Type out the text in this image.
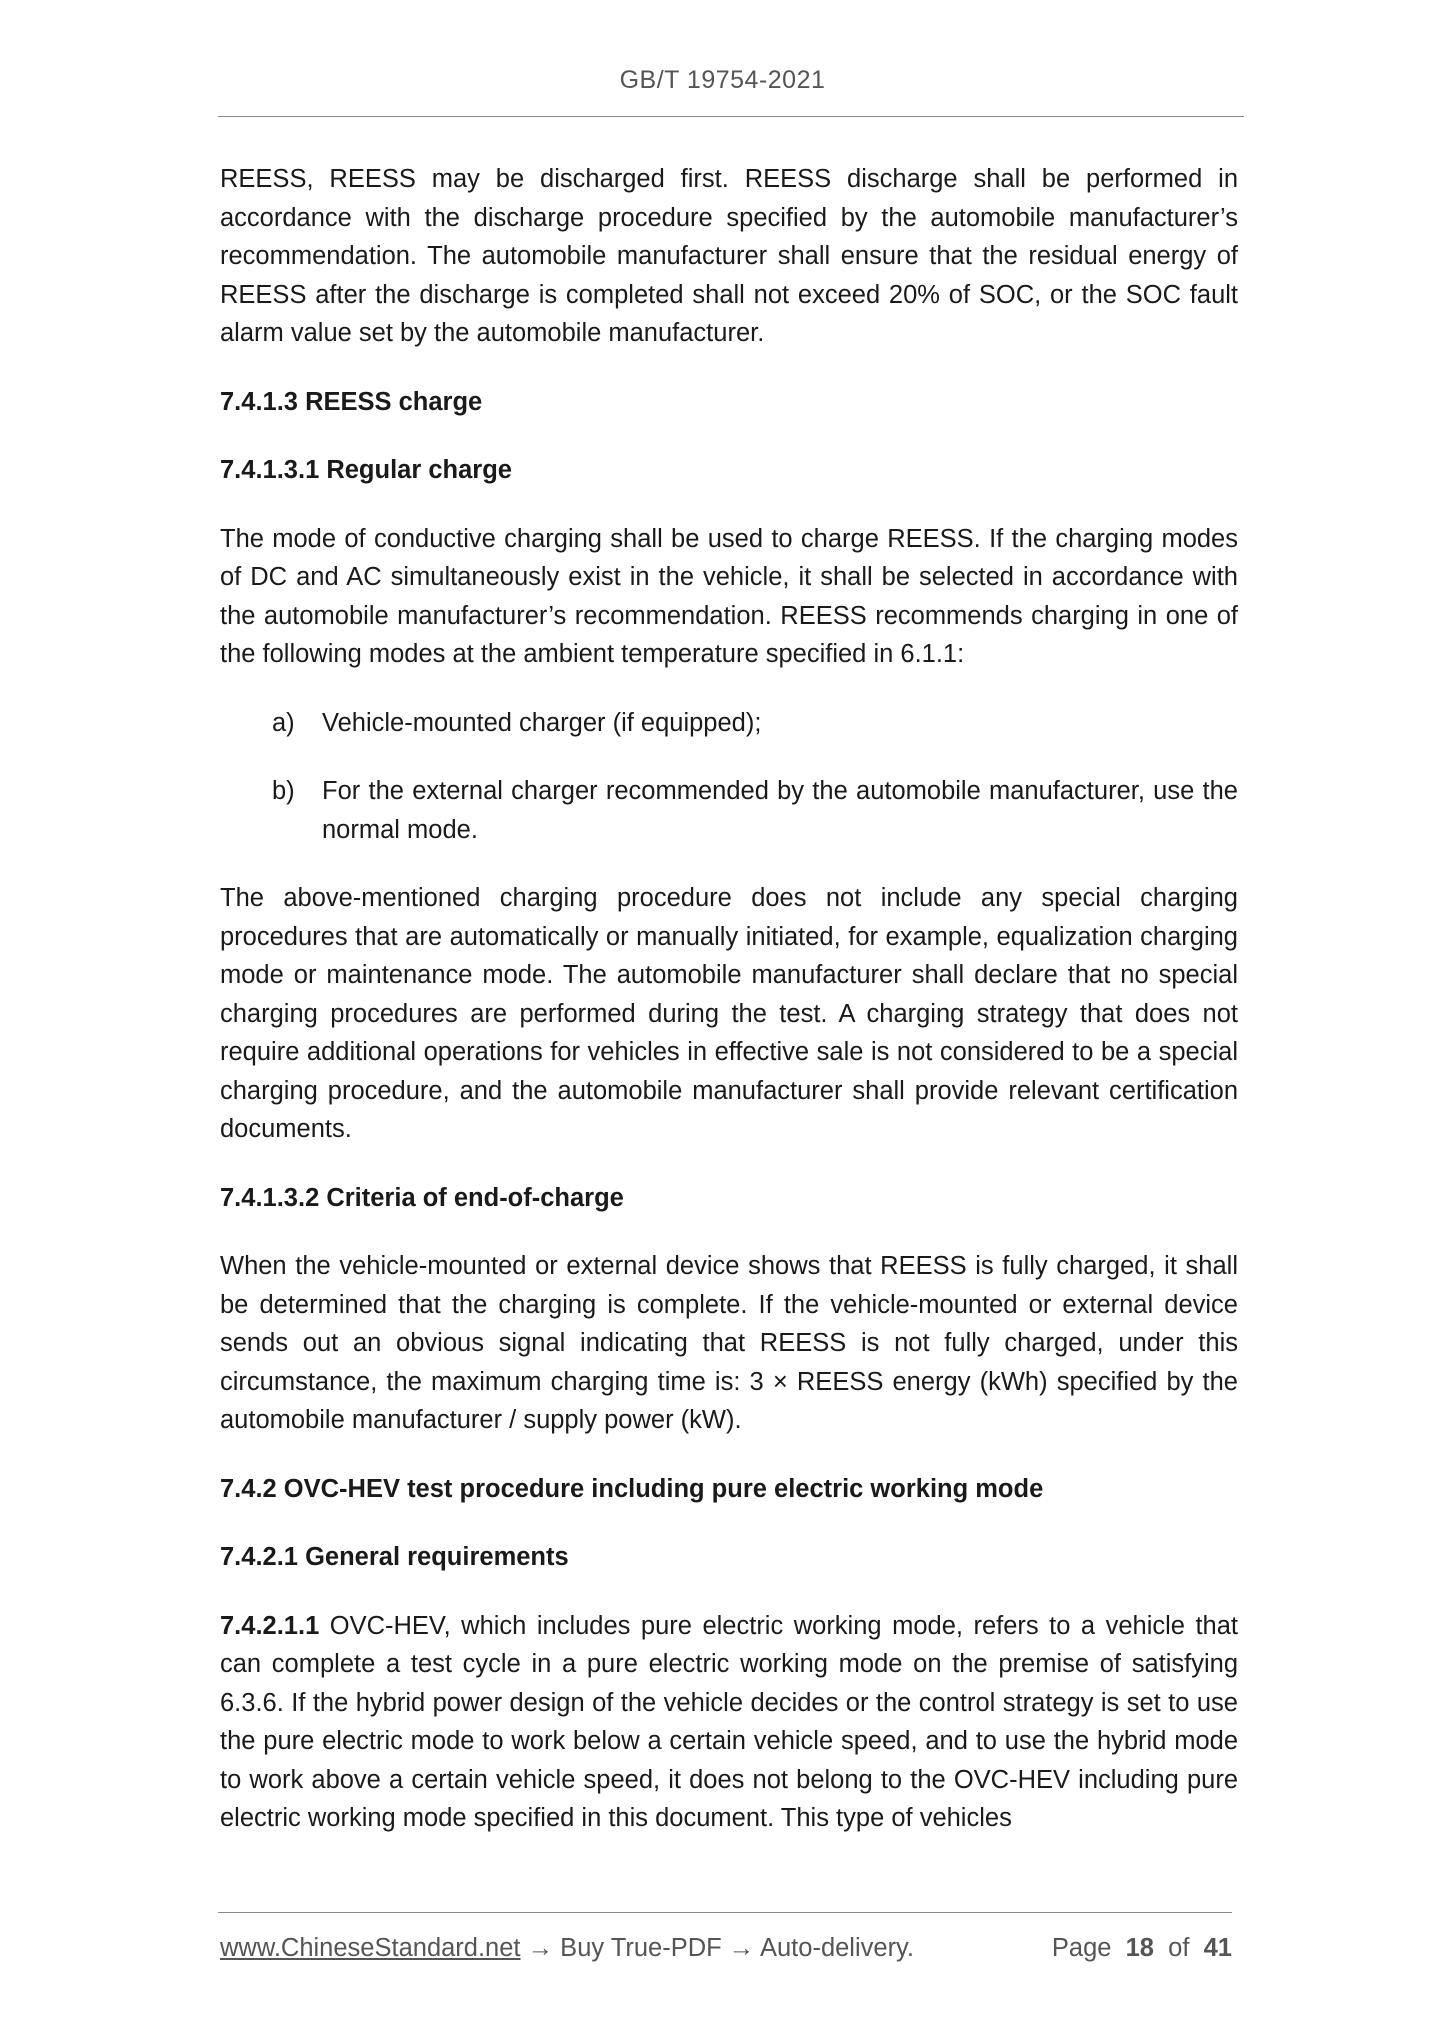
GB/T 19754-2021

REESS, REESS may be discharged first. REESS discharge shall be performed in accordance with the discharge procedure specified by the automobile manufacturer’s recommendation. The automobile manufacturer shall ensure that the residual energy of REESS after the discharge is completed shall not exceed 20% of SOC, or the SOC fault alarm value set by the automobile manufacturer.

7.4.1.3 REESS charge

7.4.1.3.1 Regular charge

The mode of conductive charging shall be used to charge REESS. If the charging modes of DC and AC simultaneously exist in the vehicle, it shall be selected in accordance with the automobile manufacturer’s recommendation. REESS recommends charging in one of the following modes at the ambient temperature specified in 6.1.1:

a)	Vehicle-mounted charger (if equipped);
b)	For the external charger recommended by the automobile manufacturer, use the normal mode.

The above-mentioned charging procedure does not include any special charging procedures that are automatically or manually initiated, for example, equalization charging mode or maintenance mode. The automobile manufacturer shall declare that no special charging procedures are performed during the test. A charging strategy that does not require additional operations for vehicles in effective sale is not considered to be a special charging procedure, and the automobile manufacturer shall provide relevant certification documents.

7.4.1.3.2 Criteria of end-of-charge

When the vehicle-mounted or external device shows that REESS is fully charged, it shall be determined that the charging is complete. If the vehicle-mounted or external device sends out an obvious signal indicating that REESS is not fully charged, under this circumstance, the maximum charging time is: 3 × REESS energy (kWh) specified by the automobile manufacturer / supply power (kW).

7.4.2 OVC-HEV test procedure including pure electric working mode

7.4.2.1 General requirements

7.4.2.1.1 OVC-HEV, which includes pure electric working mode, refers to a vehicle that can complete a test cycle in a pure electric working mode on the premise of satisfying 6.3.6. If the hybrid power design of the vehicle decides or the control strategy is set to use the pure electric mode to work below a certain vehicle speed, and to use the hybrid mode to work above a certain vehicle speed, it does not belong to the OVC-HEV including pure electric working mode specified in this document. This type of vehicles

www.ChineseStandard.net → Buy True-PDF → Auto-delivery.	Page 18 of 41
